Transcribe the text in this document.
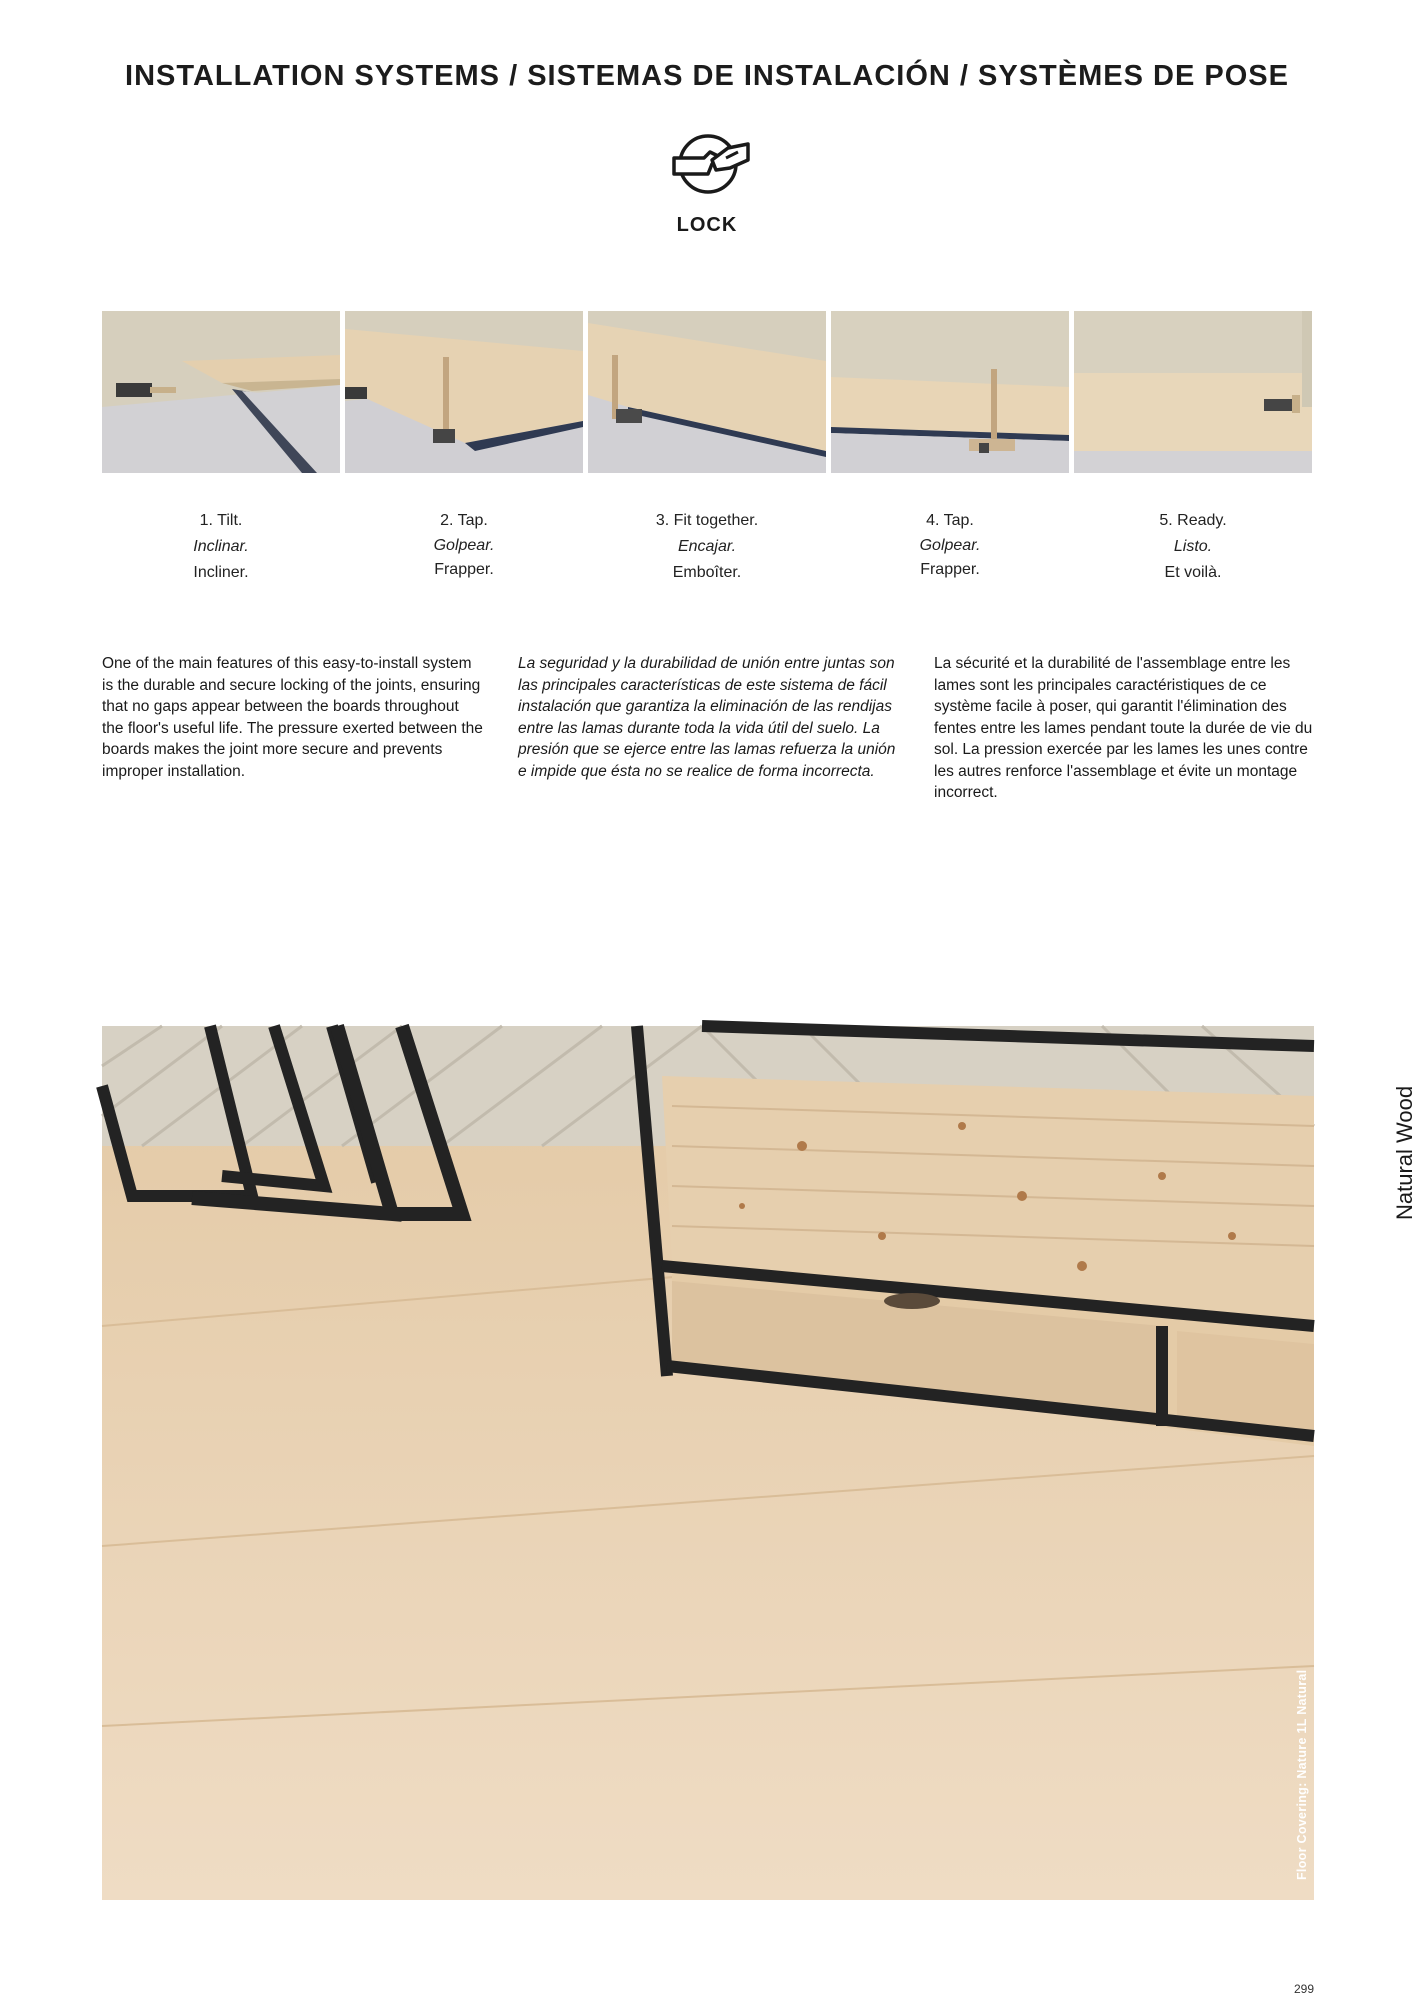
INSTALLATION SYSTEMS / SISTEMAS DE INSTALACIÓN / SYSTÈMES DE POSE
LOCK
1. Tilt.
Inclinar.
Incliner.
2. Tap.
Golpear.
Frapper.
3. Fit together.
Encajar.
Emboîter.
4. Tap.
Golpear.
Frapper.
5. Ready.
Listo.
Et voilà.
One of the main features of this easy-to-install system is the durable and secure locking of the joints, ensuring that no gaps appear between the boards throughout the floor's useful life. The pressure exerted between the boards makes the joint more secure and prevents improper installation.
La seguridad y la durabilidad de unión entre juntas son las principales características de este sistema de fácil instalación que garantiza la eliminación de las rendijas entre las lamas durante toda la vida útil del suelo. La presión que se ejerce entre las lamas refuerza la unión e impide que ésta no se realice de forma incorrecta.
La sécurité et la durabilité de l'assemblage entre les lames sont les principales caractéristiques de ce système facile à poser, qui garantit l'élimination des fentes entre les lames pendant toute la durée de vie du sol. La pression exercée par les lames les unes contre les autres renforce l'assemblage et évite un montage incorrect.
Floor Covering: Nature 1L Natural
Natural Wood
299
